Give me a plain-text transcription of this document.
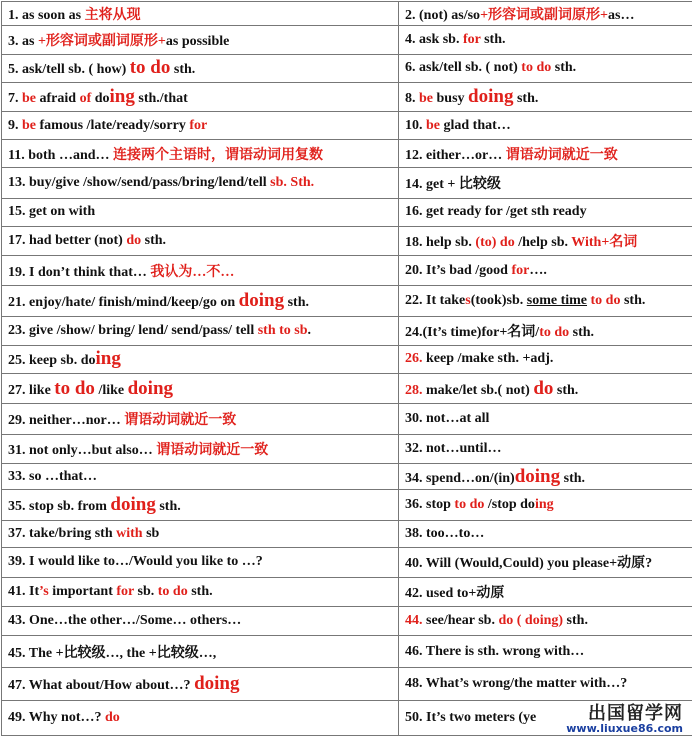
1. as soon as 主将从现	2. (not) as/so+形容词或副词原形+as…
3. as +形容词或副词原形+as possible	4. ask sb. for sth.
5. ask/tell sb. ( how) to do sth.	6. ask/tell sb. ( not) to do sth.
7. be afraid of doing sth./that	8. be busy doing sth.
9. be famous /late/ready/sorry for	10. be glad that…
11. both …and… 连接两个主语时，谓语动词用复数	12. either…or… 谓语动词就近一致
13. buy/give /show/send/pass/bring/lend/tell sb. Sth.	14. get + 比较级
15. get on with	16. get ready for /get sth ready
17. had better (not) do sth.	18. help sb. (to) do /help sb. With+名词
19. I don’t think that… 我认为…不…	20. It’s bad /good for….
21. enjoy/hate/ finish/mind/keep/go on doing sth.	22. It takes(took)sb. some time to do sth.
23. give /show/ bring/ lend/ send/pass/ tell sth to sb.	24.(It’s time)for+名词/to do sth.
25. keep sb. doing	26. keep /make sth. +adj.
27. like to do /like doing	28. make/let sb.( not) do sth.
29. neither…nor… 谓语动词就近一致	30. not…at all
31. not only…but also… 谓语动词就近一致	32. not…until…
33. so …that…	34. spend…on/(in)doing sth.
35. stop sb. from doing sth.	36. stop to do /stop doing
37. take/bring sth with sb	38. too…to…
39. I would like to…/Would you like to …?	40. Will (Would,Could) you please+动原?
41. It’s important for sb. to do sth.	42. used to+动原
43. One…the other…/Some… others…	44. see/hear sb. do ( doing) sth.
45. The +比较级…, the +比较级…,	46. There is sth. wrong with…
47. What about/How about…? doing	48. What’s wrong/the matter with…?
49. Why not…? do	50. It’s two meters (ye	出国留学网
www.liuxue86.com
